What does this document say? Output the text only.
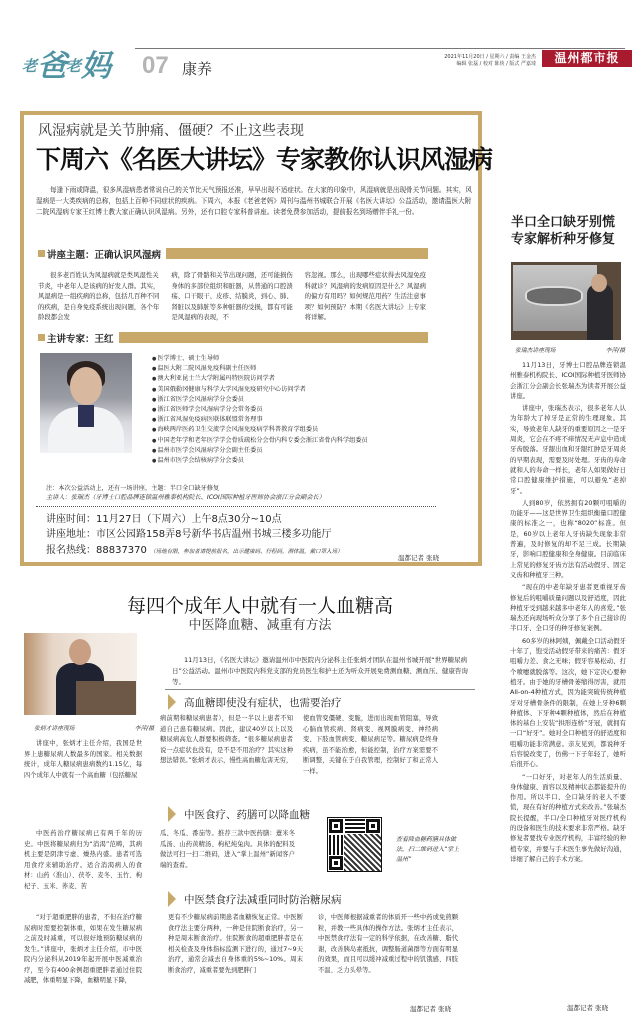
老 爸 老 妈 07 康养
2021年11月20日 / 星期六 / 责编 王金杰
编辑 张磊 / 校对 陈侠 / 版式 严嘉琦	温州都市报
风湿病就是关节肿痛、僵硬？不止这些表现
下周六《名医大讲坛》专家教你认识风湿病

每逢下雨或降温，很多风湿病患者常说自己的关节比天气预报还准，早早出现不适症状。在大家的印象中，风湿病就是出现骨关节问题。其实，风湿病是一大类疾病的总称，包括上百种不同症状的疾病。下周六，本报《老爸老妈》周刊与温州书城联合开展《名医大讲坛》公益活动，邀请温医大附二院风湿病专家王红博士教大家正确认识风湿病。另外，还有口腔专家科普讲座。读者免费参加活动，提前报名到场赠伴手礼一份。

讲座主题：正确认识风湿病

很多老百姓认为风湿病就是类风湿性关节炎，中老年人是该病的好发人群。其实，风湿病是一组疾病的总称，包括几百种不同的疾病，是自身免疫系统出现问题，各个年龄段都会发

病，除了骨骼和关节出现问题，还可能损伤身体的多部位组织和脏器，从普通的口腔溃疡、口干眼干、皮疹、结膜炎，到心、肺、肾脏以及肺脏等多种脏器的受损，都有可能是风湿病的表现，不

容忽视。那么，出现哪些症状得去风湿免疫科就诊？风湿病的发病原因是什么？风湿病的偏方有用吗？如何规范用药？生活注意事项？如何预防？本期《名医大讲坛》上专家将详解。

主讲专家：王红
● 医学博士、硕士生导师
● 温医大附二院风湿免疫科副主任医师
● 澳大利亚昆士兰大学附属玛特医院访问学者
● 美国俄勒冈健康与科学大学风湿免疫研究中心访问学者
● 浙江省医学会风湿病学分会委员
● 浙江省医师学会风湿病学分会常务委员
● 浙江省风湿免疫病医联体联盟常务理事
● 海峡两岸医药卫生交流学会风湿免疫病学科普教育学组委员
● 中国老年学和老年医学学会骨质疏松分会骨内科专委会浙江省骨内科学组委员
● 温州市医学会风湿病学分会副主任委员
● 温州市医学会结核病学分会委员
注：本次公益活动上，还有一场讲座，主题：半口全口缺牙修复
主讲人：张瑞杰（牙博士口腔品牌连锁温州雅泰机构院长、ICOI国际种植牙医师协会浙江分会副会长）
讲座时间：11月27日（下周六）上午8点30分~10点
讲座地址：市区公园路158弄8号新华书店温州书城三楼多功能厅
报名热线：88837370 （场地有限，参加者请提前报名，出示健康码、行程码，测体温，戴口罩入场）
温都记者 张晓
半口全口缺牙别慌 专家解析种牙修复
张瑞杰讲座现场	李萍/摄

11月13日，牙博士口腔品牌连锁温州雅泰机构院长、ICOI国际种植牙医师协会浙江分会副会长张瑞杰为读者开展公益讲座。

讲座中，张瑞杰表示，很多老年人认为年龄大了掉牙是正常的生理现象。其实，导致老年人缺牙的重要原因之一是牙周炎，它会在不疼不痒情况无声息中造成牙齿脱落。牙龈出血和牙龈红肿是牙周炎的早期表现，需要及时处理。牙齿的寿命就和人的寿命一样长，老年人如果做好日常口腔健康维护措施，可以避免“老掉牙”。

人到80岁，依然拥有20颗可咀嚼的功能牙——这是世界卫生组织衡量口腔健康的标准之一，也称“8020”标准。但是，60岁以上老年人牙齿缺失现象非常普遍，及时修复的却不足三成。长期缺牙，影响口腔健康和全身健康。目前临床上常见的修复牙齿方法有活动假牙、固定义齿和种植牙三种。

“现在的中老年缺牙患者更重视牙齿修复后的咀嚼质量问题以及舒适度，因此种植牙受到越来越多中老年人的喜爱。”张瑞杰还向现场听众分享了多个自己接诊的半口牙、全口牙的种牙修复案例。

60多岁的林阿姨，佩戴全口活动假牙十年了，饱受活动假牙带来的痛苦：假牙咀嚼力差、食之无味；假牙容易松动、打个喷嚏就脱落等。这次，她下定决心要种植牙。由于她的牙槽骨萎缩得厉害，就用All-on-4种植方式，因为能突破传统种植牙对牙槽骨条件的限制，在她上牙种6颗种植体、下牙种4颗种植体，然后在种植体的基台上安装“拱形连桥”牙冠，就拥有一口“好牙”。她对全口种植牙的舒适度和咀嚼功能非常满意。亲友见到，都说种牙后容貌改变了，仿佛一下子年轻了，她听后很开心。

“一口好牙，对老年人的生活质量、身体健康、面容以及精神状态都能提升的作用。所以半口、全口缺牙的老人不要慌，现在有好的种植方式来改善。”张瑞杰院长提醒，半口/全口种植牙对医疗机构的设备和医生的技术要求非常严格。缺牙修复者要找专业医疗机构，丰富经验的种植专家，并要与手术医生事先做好沟通，详细了解自己的手术方案。

温都记者 张晓
每四个成年人中就有一人血糖高
中医降血糖、减重有方法
张炳才讲座现场	李萍/摄

11月13日，《名医大讲坛》邀请温州市中医院内分泌科主任张炳才团队在温州书城开展“世界糖尿病日”公益活动。温州市中医院内科党支部的党员医生和护士还为听众开展免费测血糖、测血压、健康咨询等。

高血糖即使没有症状，也需要治疗

讲座中，张炳才主任介绍，我国是世界上患糖尿病人数最多的国家。相关数据统计，成年人糖尿病患病数约1.15亿，每四个成年人中就有一个高血糖（包括糖尿

病前期和糖尿病患者），但是一半以上患者不知道自己患有糖尿病。因此，建议40岁以上以及糖尿病高危人群要积极筛查。“很多糖尿病患者说一点症状也没有，是不是不用治疗？其实这种想法错误。”张炳才表示，慢性高血糖危害无穷，

使血管变僵硬、变脆，进而出现血管阻塞，导致心脑血管疾病、肾病变、视网膜病变、神经病变、下肢血管病变、糖尿病足等。糖尿病是终身疾病，虽不能治愈，但能控制，治疗方案需要不断调整，关键在于自我管理，控制好了和正常人一样。

中医食疗、药膳可以降血糖

中医药治疗糖尿病已有两千年的历史。中医将糖尿病归为“消渴”范畴，其病机主要是阴津亏虚、燥热内盛。患者可选用食疗来辅助治疗。适合消渴病人的食材：山药（淮山）、茯苓、麦冬、玉竹、枸杞子、玉米、荞麦、苦

瓜、冬瓜、番茄等。推荐三款中医药膳：薏米冬瓜汤、山药黄精汤、枸杞炖兔肉。具体的配料及做法可扫一扫二维码，进入“掌上温州”新闻客户端的查看。

查看降血糖药膳具体做法，扫二维码进入“掌上温州”
中医禁食疗法减重同时防治糖尿病

“对于超重肥胖的患者，不但在治疗糖尿病时需要控制体重，如果在发生糖尿病之前及时减重，可以很好地预防糖尿病的发生。”讲座中，张炳才主任介绍，市中医院内分泌科从2019年起开展中医减重治疗，至今有400余例超重肥胖者通过住院减肥，体重明显下降，血糖明显下降，

更有不少糖尿病前期患者血糖恢复正常。中医断食疗法主要分两种，一种是住院断食治疗，另一种是周末断食治疗。住院断食的超重肥胖者是在相关检查及身体指标监测下进行的，通过7~9天治疗，通常会减去自身体重的5%~10%。周末断食治疗，减重者要先到肥胖门

诊，中医师根据减重者的体质开一些中药或免煎颗粒，并教一些具体的操作方法。张炳才主任表示，中医禁食疗法有一定的科学依据，在改善糖、脂代谢，改善胰岛素抵抗，调整肠道菌群等方面有明显的效果，而且可以缓冲减重过程中的饥饿感、四肢不温、乏力头晕等。

温都记者 张晓
